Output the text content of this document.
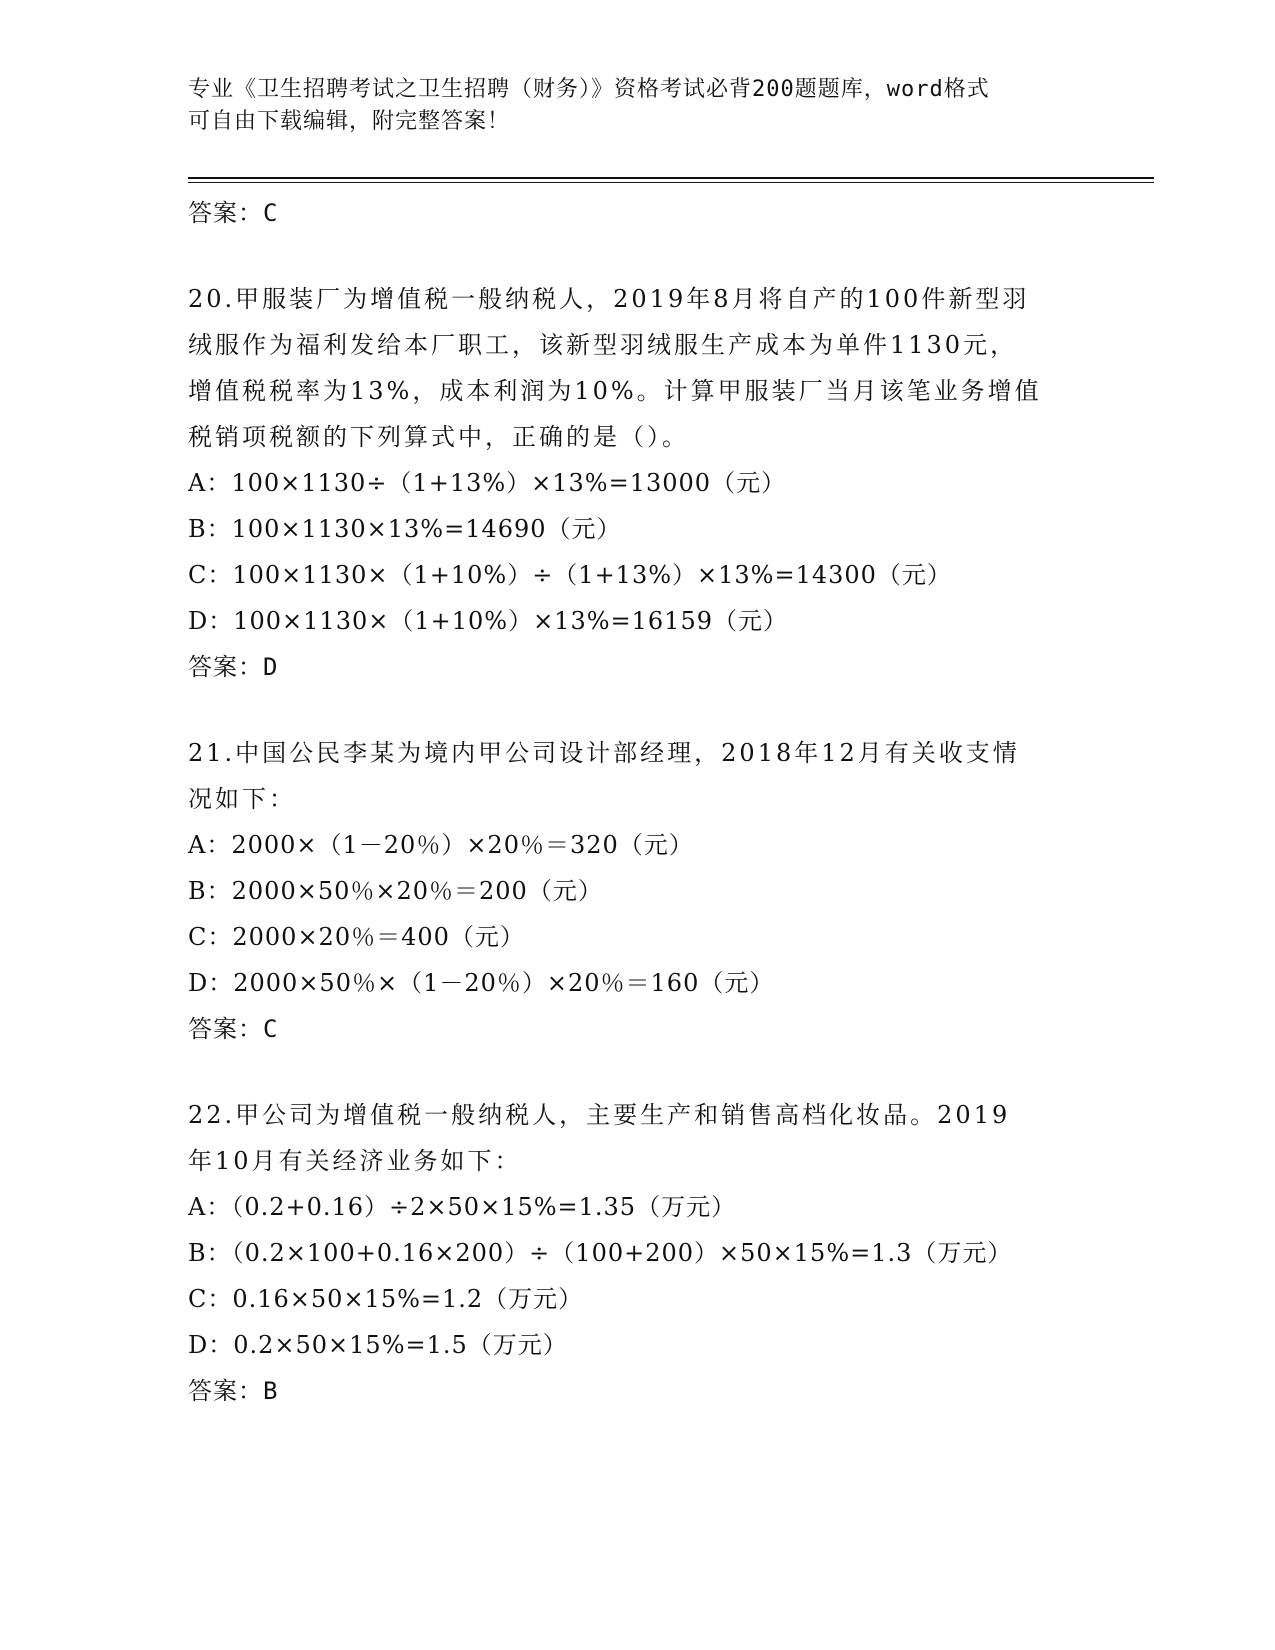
专业《卫生招聘考试之卫生招聘（财务）》资格考试必背200题题库，word格式
可自由下载编辑，附完整答案！
答案：C
20.甲服装厂为增值税一般纳税人，2019年8月将自产的100件新型羽
绒服作为福利发给本厂职工，该新型羽绒服生产成本为单件1130元，
增值税税率为13%，成本利润为10%。计算甲服装厂当月该笔业务增值
税销项税额的下列算式中，正确的是（）。
A：100×1130÷（1+13%）×13%=13000（元）
B：100×1130×13%=14690（元）
C：100×1130×（1+10%）÷（1+13%）×13%=14300（元）
D：100×1130×（1+10%）×13%=16159（元）
答案：D
21.中国公民李某为境内甲公司设计部经理，2018年12月有关收支情
况如下：
A：2000×（1－20％）×20％＝320（元）
B：2000×50％×20％＝200（元）
C：2000×20％＝400（元）
D：2000×50％×（1－20％）×20％＝160（元）
答案：C
22.甲公司为增值税一般纳税人，主要生产和销售高档化妆品。2019
年10月有关经济业务如下：
A：（0.2+0.16）÷2×50×15%=1.35（万元）
B：（0.2×100+0.16×200）÷（100+200）×50×15%=1.3（万元）
C：0.16×50×15%=1.2（万元）
D：0.2×50×15%=1.5（万元）
答案：B
